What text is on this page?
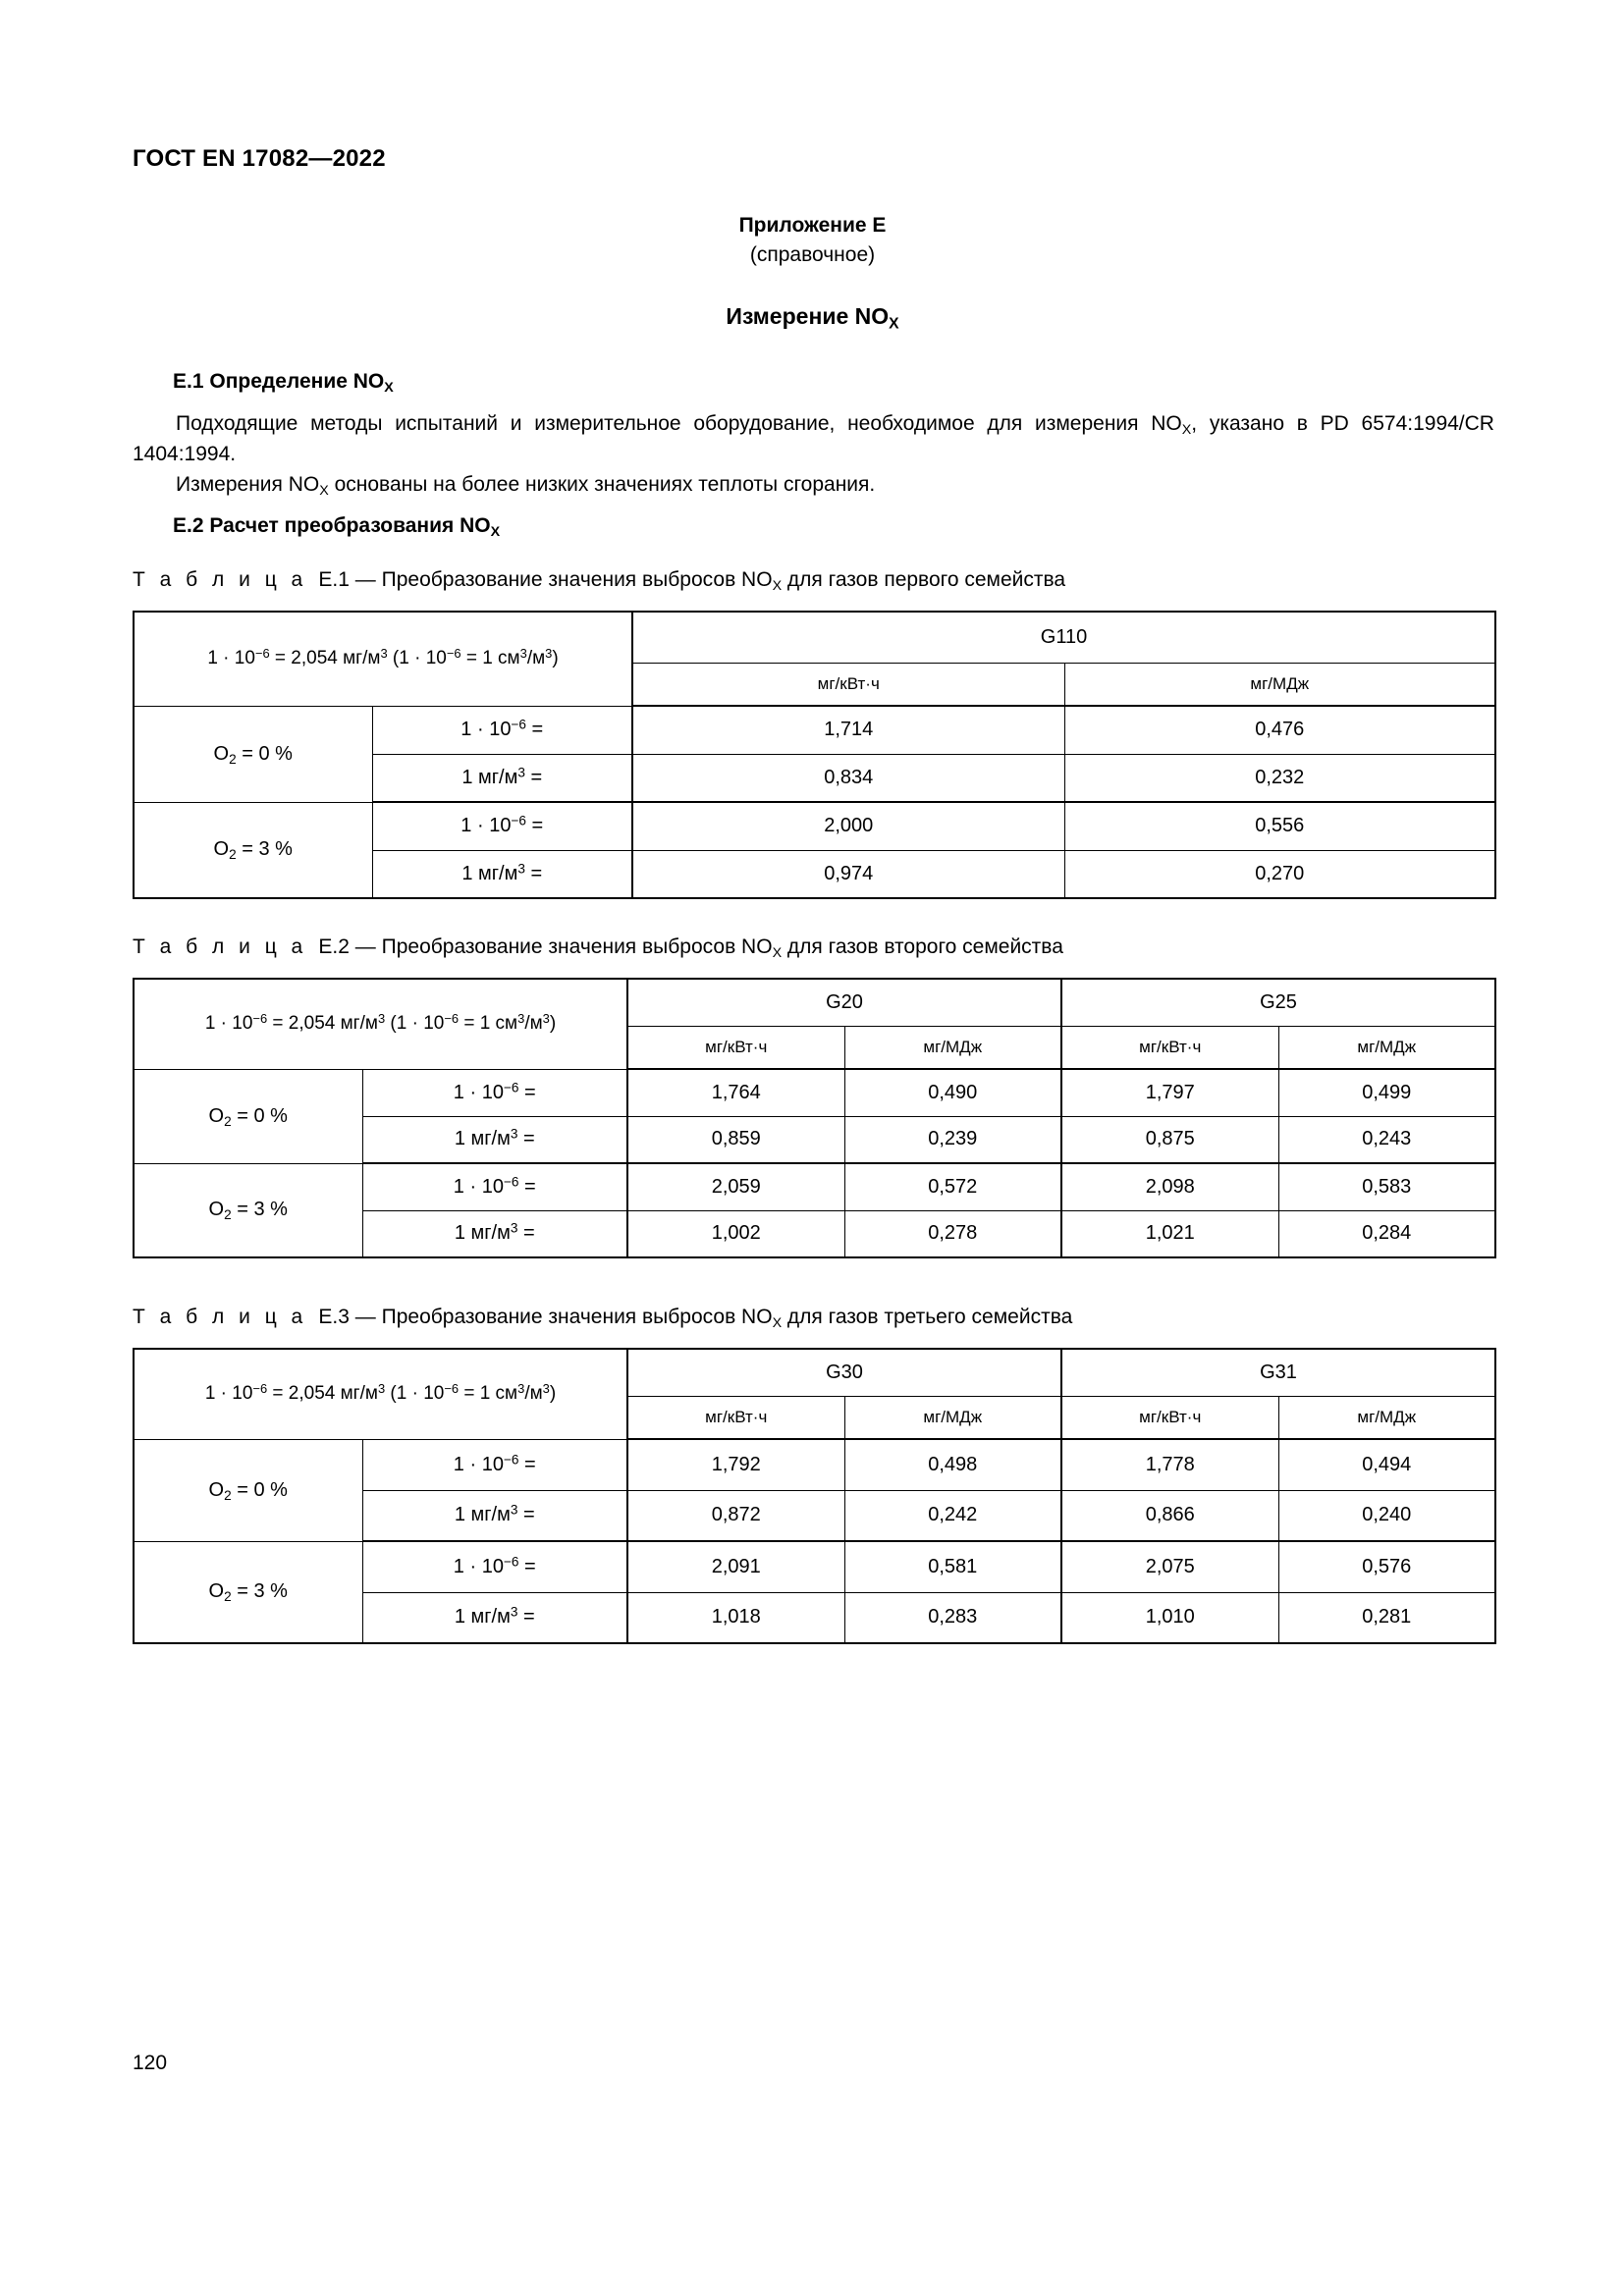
ГОСТ EN 17082—2022
Приложение Е
(справочное)
Измерение $NO_X$
E.1 Определение $NO_X$
Подходящие методы испытаний и измерительное оборудование, необходимое для измерения $NO_X$, указано в PD 6574:1994/CR 1404:1994.
Измерения $NO_X$ основаны на более низких значениях теплоты сгорания.
E.2 Расчет преобразования $NO_X$
Т а б л и ц а E.1 — Преобразование значения выбросов $NO_X$ для газов первого семейства
$1 \cdot 10^{-6} = 2,054$ $мг/м^3$ ($1 \cdot 10^{-6} = 1$ $см^3/м^3$)		G110	
		мг/кВт·ч	мг/МДж
$O_2 = 0$ %	$1 \cdot 10^{-6}$ =	1,714	0,476
	1 $мг/м^3$ =	0,834	0,232
$O_2 = 3$ %	$1 \cdot 10^{-6}$ =	2,000	0,556
	1 $мг/м^3$ =	0,974	0,270
Т а б л и ц а E.2 — Преобразование значения выбросов $NO_X$ для газов второго семейства
$1 \cdot 10^{-6} = 2,054$ $мг/м^3$ ($1 \cdot 10^{-6} = 1$ $см^3/м^3$)		G20		G25	
		мг/кВт·ч	мг/МДж	мг/кВт·ч	мг/МДж
$O_2 = 0$ %	$1 \cdot 10^{-6}$ =	1,764	0,490	1,797	0,499
	1 $мг/м^3$ =	0,859	0,239	0,875	0,243
$O_2 = 3$ %	$1 \cdot 10^{-6}$ =	2,059	0,572	2,098	0,583
	1 $мг/м^3$ =	1,002	0,278	1,021	0,284
Т а б л и ц а E.3 — Преобразование значения выбросов $NO_X$ для газов третьего семейства
$1 \cdot 10^{-6} = 2,054$ $мг/м^3$ ($1 \cdot 10^{-6} = 1$ $см^3/м^3$)		G30		G31	
		мг/кВт·ч	мг/МДж	мг/кВт·ч	мг/МДж
$O_2 = 0$ %	$1 \cdot 10^{-6}$ =	1,792	0,498	1,778	0,494
	1 $мг/м^3$ =	0,872	0,242	0,866	0,240
$O_2 = 3$ %	$1 \cdot 10^{-6}$ =	2,091	0,581	2,075	0,576
	1 $мг/м^3$ =	1,018	0,283	1,010	0,281
120
